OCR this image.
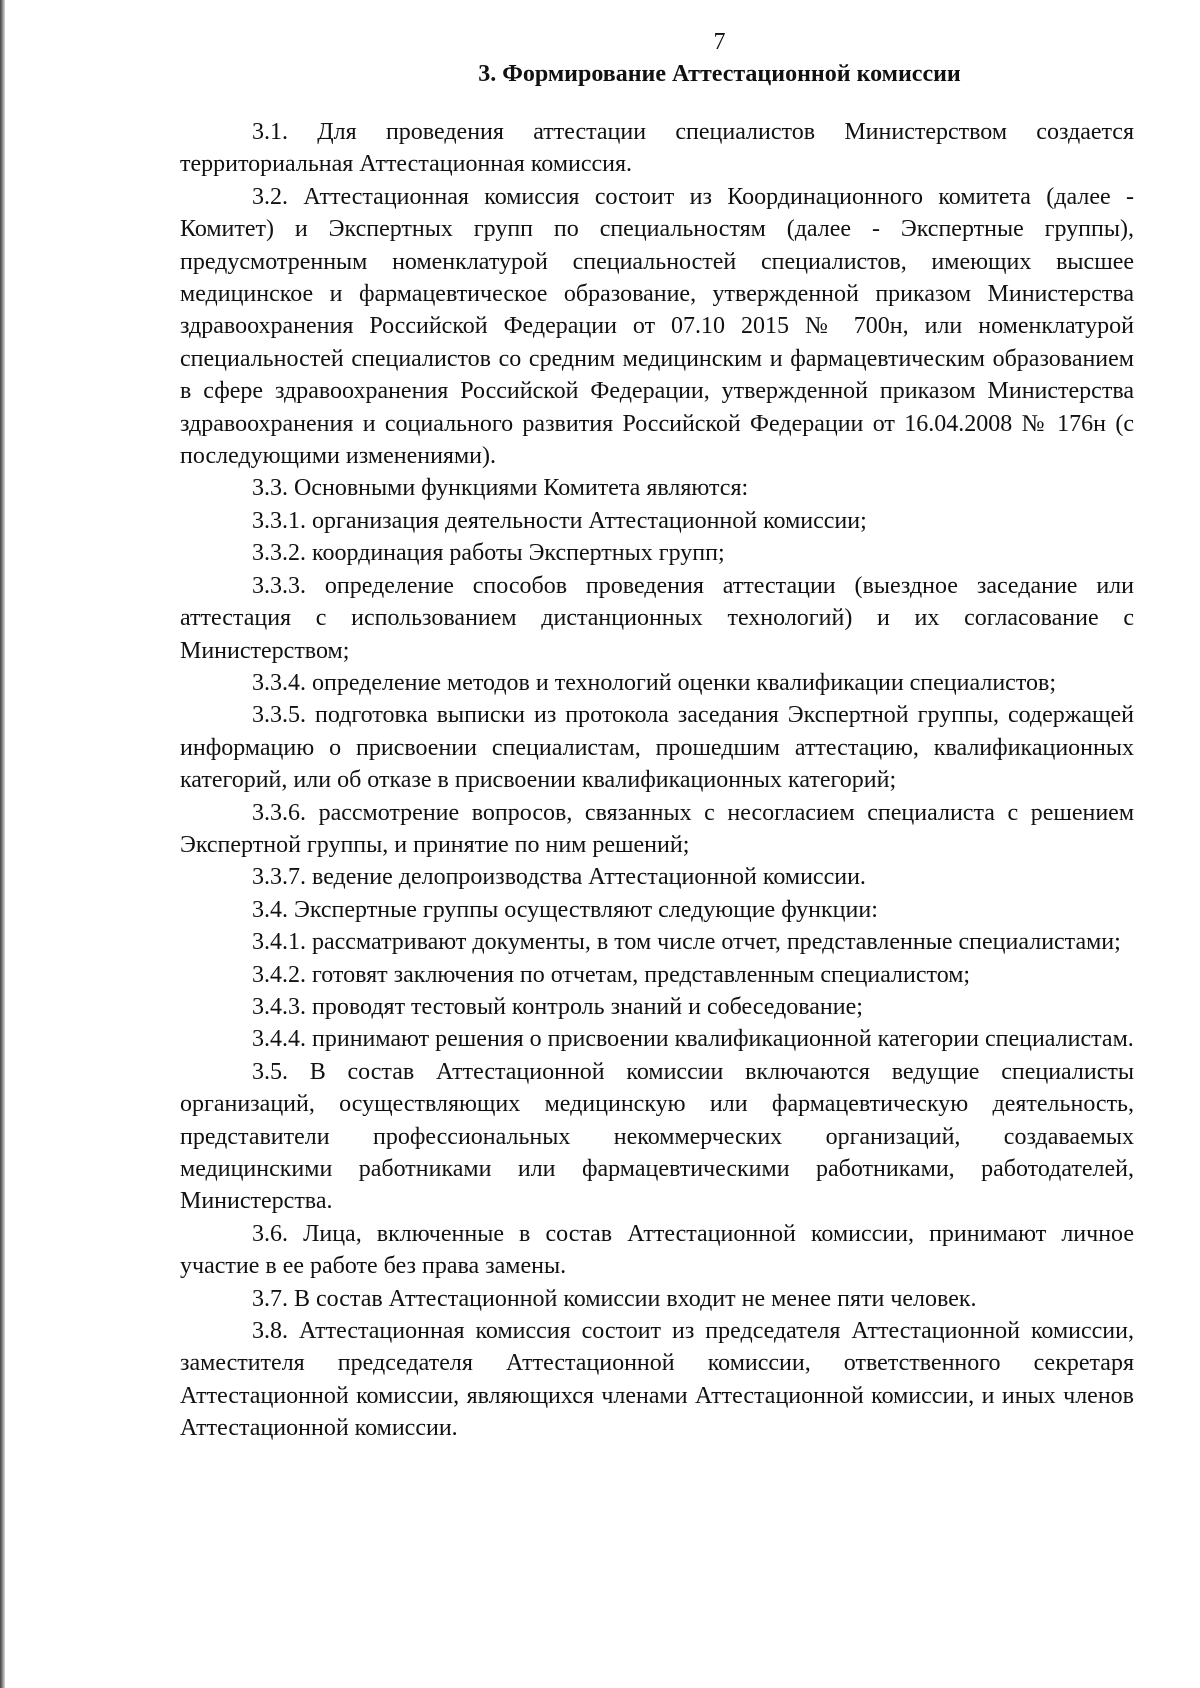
7

3. Формирование Аттестационной комиссии

3.1. Для проведения аттестации специалистов Министерством создается территориальная Аттестационная комиссия.

3.2. Аттестационная комиссия состоит из Координационного комитета (далее - Комитет) и Экспертных групп по специальностям (далее - Экспертные группы), предусмотренным номенклатурой специальностей специалистов, имеющих высшее медицинское и фармацевтическое образование, утвержденной приказом Министерства здравоохранения Российской Федерации от 07.10 2015 № 700н, или номенклатурой специальностей специалистов со средним медицинским и фармацевтическим образованием в сфере здравоохранения Российской Федерации, утвержденной приказом Министерства здравоохранения и социального развития Российской Федерации от 16.04.2008 № 176н (с последующими изменениями).

3.3. Основными функциями Комитета являются:

3.3.1. организация деятельности Аттестационной комиссии;

3.3.2. координация работы Экспертных групп;

3.3.3. определение способов проведения аттестации (выездное заседание или аттестация с использованием дистанционных технологий) и их согласование с Министерством;

3.3.4. определение методов и технологий оценки квалификации специалистов;

3.3.5. подготовка выписки из протокола заседания Экспертной группы, содержащей информацию о присвоении специалистам, прошедшим аттестацию, квалификационных категорий, или об отказе в присвоении квалификационных категорий;

3.3.6. рассмотрение вопросов, связанных с несогласием специалиста с решением Экспертной группы, и принятие по ним решений;

3.3.7. ведение делопроизводства Аттестационной комиссии.

3.4. Экспертные группы осуществляют следующие функции:

3.4.1. рассматривают документы, в том числе отчет, представленные специалистами;

3.4.2. готовят заключения по отчетам, представленным специалистом;

3.4.3. проводят тестовый контроль знаний и собеседование;

3.4.4. принимают решения о присвоении квалификационной категории специалистам.

3.5. В состав Аттестационной комиссии включаются ведущие специалисты организаций, осуществляющих медицинскую или фармацевтическую деятельность, представители профессиональных некоммерческих организаций, создаваемых медицинскими работниками или фармацевтическими работниками, работодателей, Министерства.

3.6. Лица, включенные в состав Аттестационной комиссии, принимают личное участие в ее работе без права замены.

3.7. В состав Аттестационной комиссии входит не менее пяти человек.

3.8. Аттестационная комиссия состоит из председателя Аттестационной комиссии, заместителя председателя Аттестационной комиссии, ответственного секретаря Аттестационной комиссии, являющихся членами Аттестационной комиссии, и иных членов Аттестационной комиссии.
